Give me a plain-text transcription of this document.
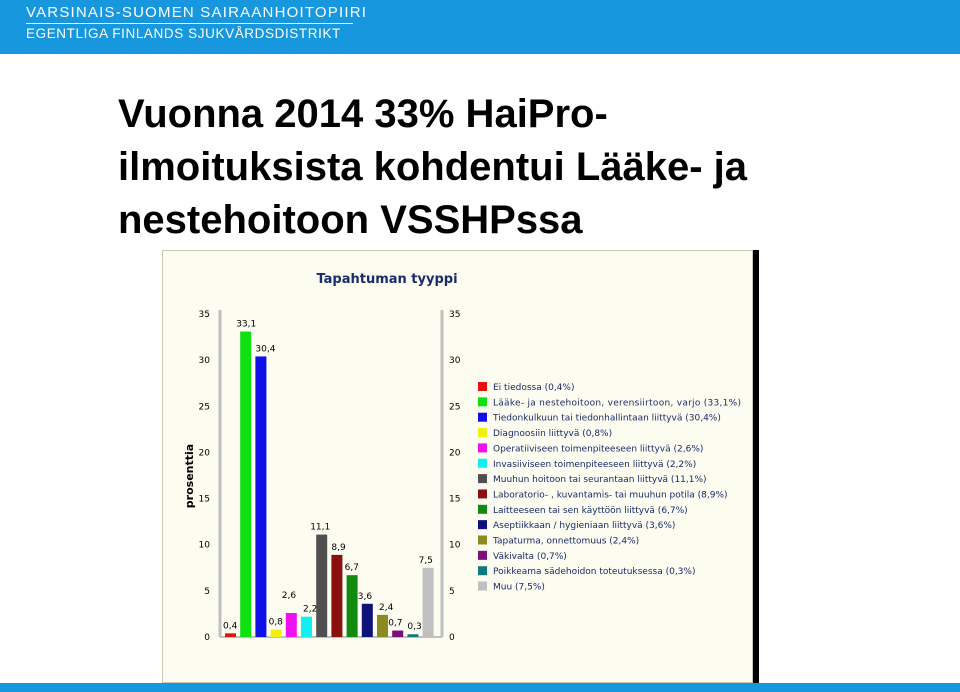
VARSINAIS-SUOMEN SAIRAANHOITOPIIRI
EGENTLIGA FINLANDS SJUKVÅRDSDISTRIKT
Vuonna 2014 33% HaiPro-
ilmoituksista kohdentui Lääke- ja
nestehoitoon VSSHPssa
Tapahtuman tyyppi
prosenttia
0	0
5	5
10	10
15	15
20	20
25	25
30	30
35	35
0,4
33,1
30,4
0,8
2,6
2,2
11,1
8,9
6,7
3,6
2,4
0,7 0,3
7,5
Ei tiedossa (0,4%)
Lääke- ja nestehoitoon, verensiirtoon, varjo (33,1%)
Tiedonkulkuun tai tiedonhallintaan liittyvä (30,4%)
Diagnoosiin liittyvä (0,8%)
Operatiiviseen toimenpiteeseen liittyvä (2,6%)
Invasiiviseen toimenpiteeseen liittyvä (2,2%)
Muuhun hoitoon tai seurantaan liittyvä (11,1%)
Laboratorio- , kuvantamis- tai muuhun potila (8,9%)
Laitteeseen tai sen käyttöön liittyvä (6,7%)
Aseptiikkaan / hygieniaan liittyvä (3,6%)
Tapaturma, onnettomuus (2,4%)
Väkivalta (0,7%)
Poikkeama sädehoidon toteutuksessa (0,3%)
Muu (7,5%)
